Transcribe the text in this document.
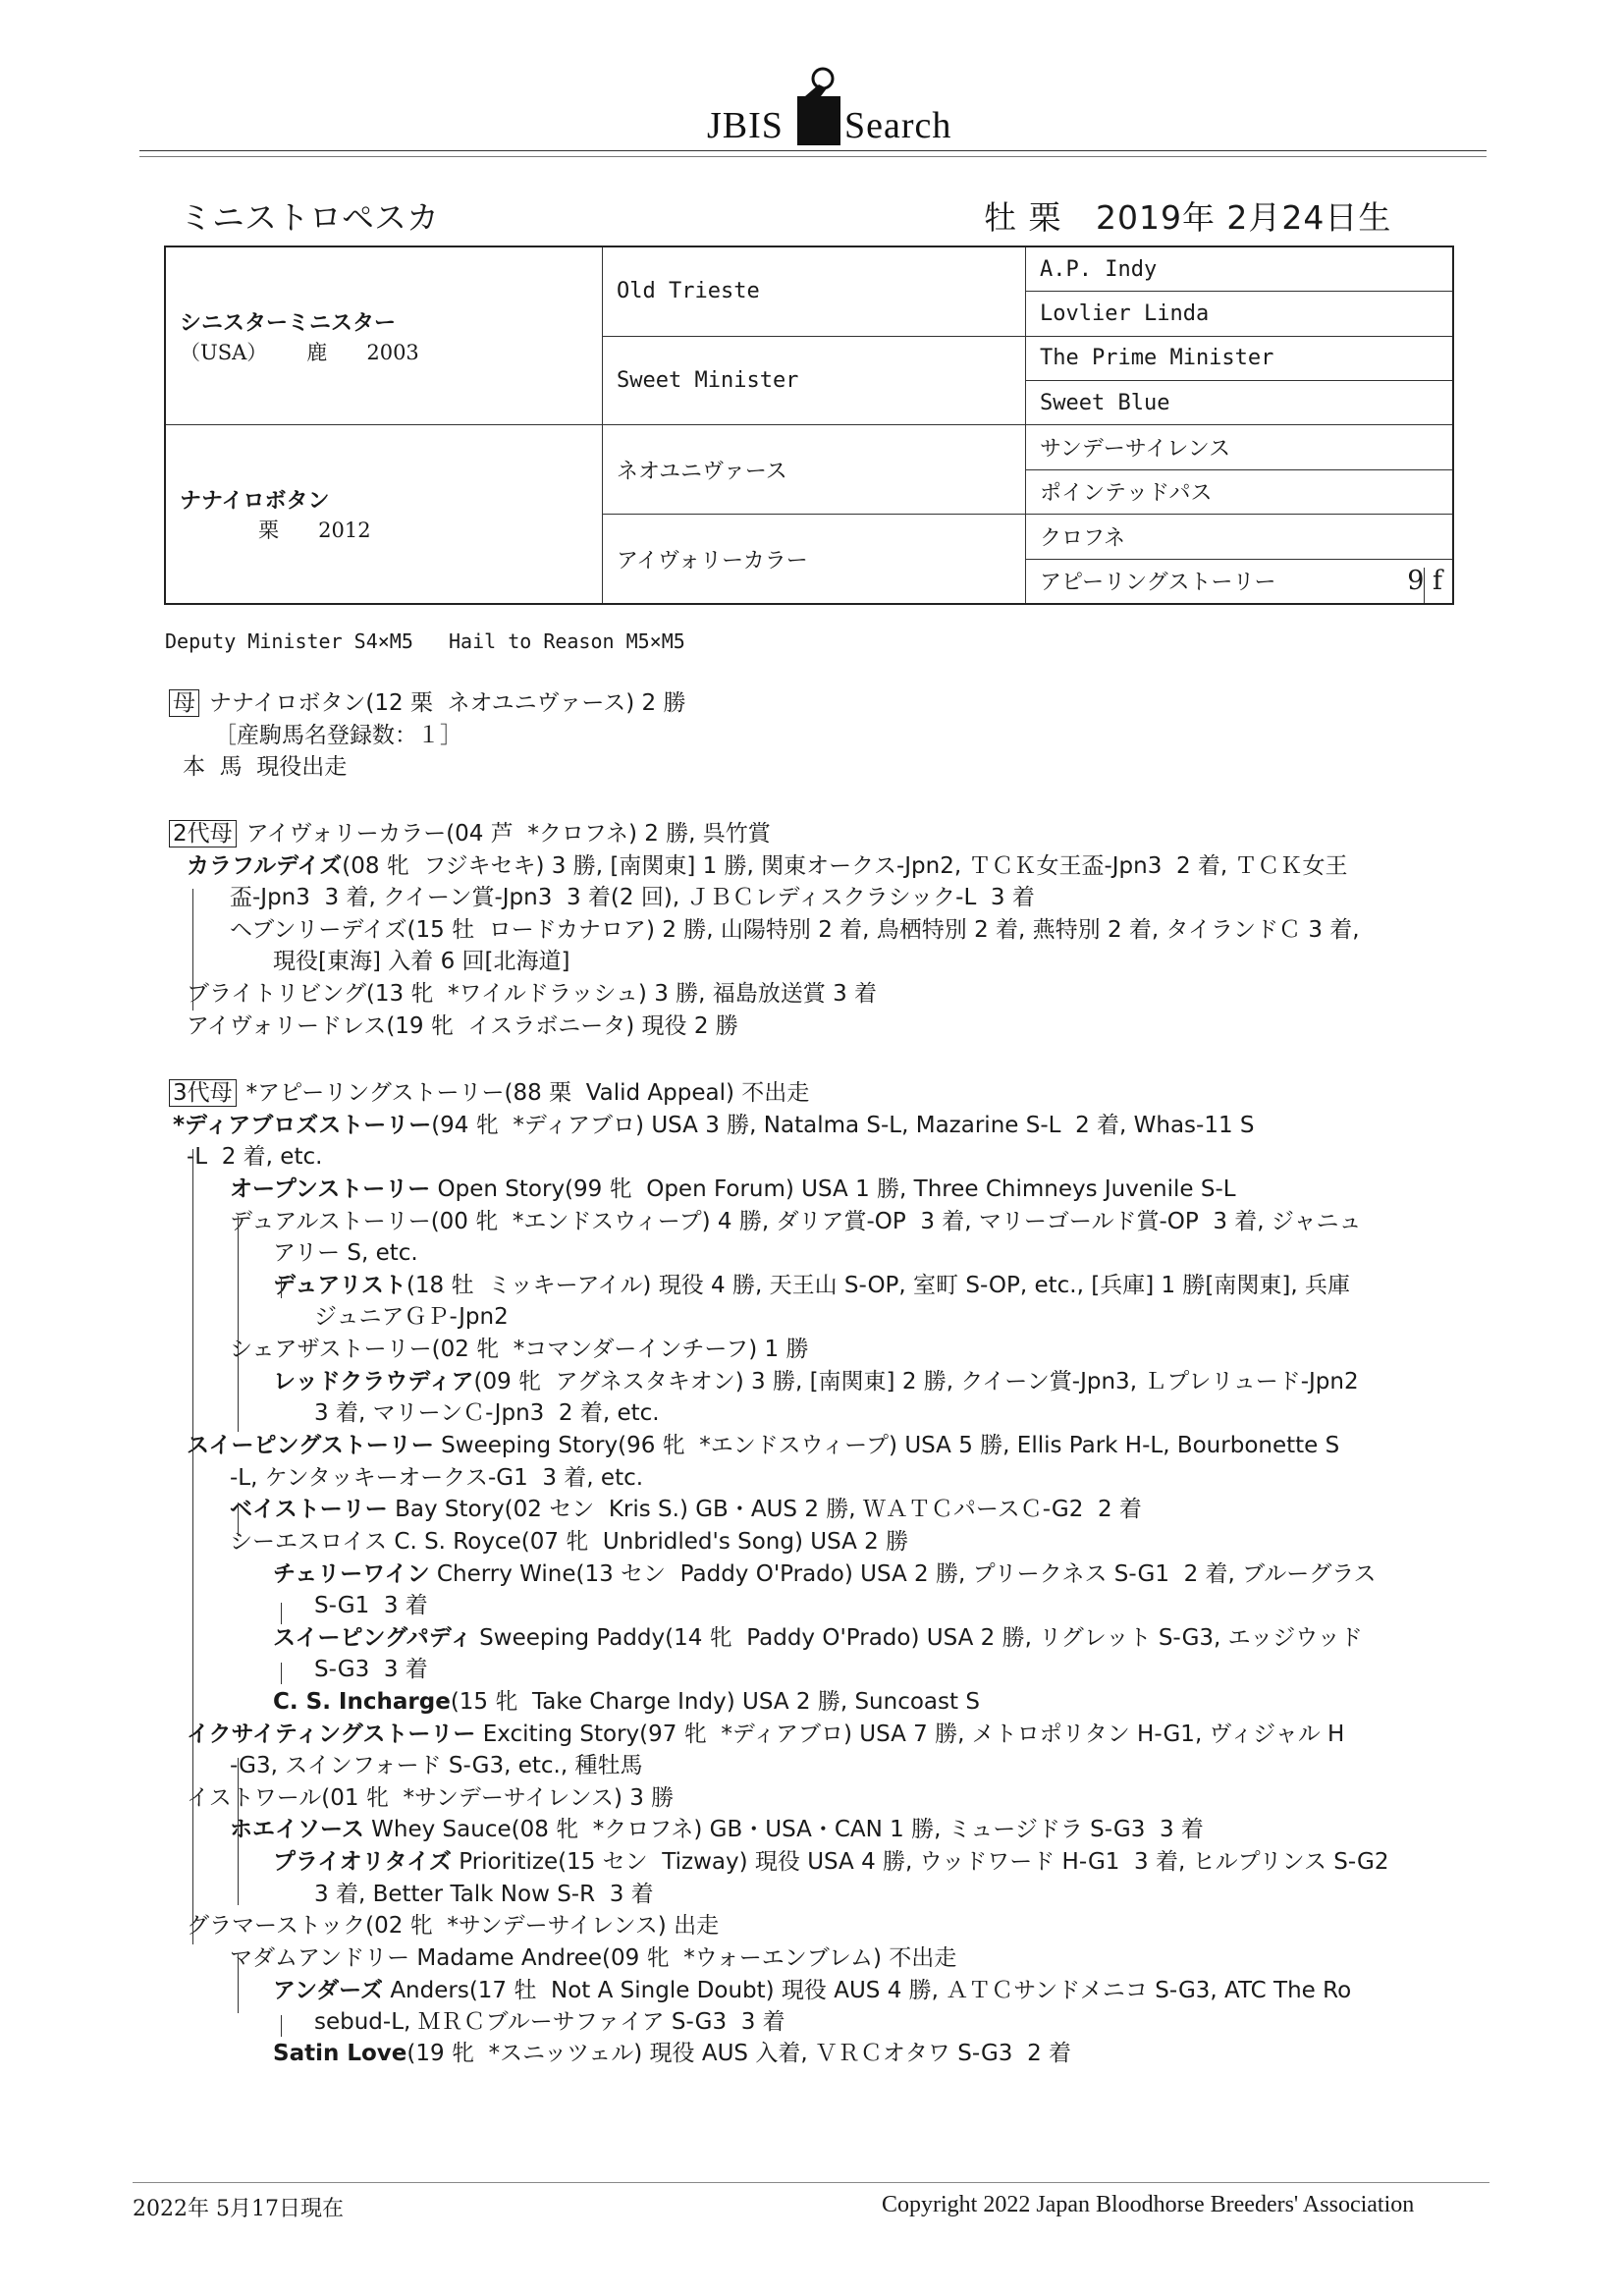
JBIS Search
ミニストロペスカ	牡 栗   2019年 2月24日生
シニスターミニスター
（USA）      鹿      2003	Old Trieste	A.P. Indy
		Lovlier Linda
	Sweet Minister	The Prime Minister
		Sweet Blue

ナナイロボタン
栗      2012	ネオユニヴァース	サンデーサイレンス
		ポインテッドパス
	アイヴォリーカラー	クロフネ
		アピーリングストーリー 9 f
Deputy Minister S4×M5   Hail to Reason M5×M5
母 ナナイロボタン(12 栗  ネオユニヴァース) 2 勝
［産駒馬名登録数：１］
本  馬  現役出走
2代母 アイヴォリーカラー(04 芦  *クロフネ) 2 勝, 呉竹賞
カラフルデイズ(08 牝  フジキセキ) 3 勝, [南関東] 1 勝, 関東オークス-Jpn2, ＴＣＫ女王盃-Jpn3  2 着, ＴＣＫ女王
盃-Jpn3  3 着, クイーン賞-Jpn3  3 着(2 回), ＪＢＣレディスクラシック-L  3 着
ヘブンリーデイズ(15 牡  ロードカナロア) 2 勝, 山陽特別 2 着, 鳥栖特別 2 着, 燕特別 2 着, タイランドＣ 3 着,
現役[東海] 入着 6 回[北海道]
ブライトリビング(13 牝  *ワイルドラッシュ) 3 勝, 福島放送賞 3 着
アイヴォリードレス(19 牝  イスラボニータ) 現役 2 勝
3代母 *アピーリングストーリー(88 栗  Valid Appeal) 不出走
*ディアブロズストーリー(94 牝  *ディアブロ) USA 3 勝, Natalma S-L, Mazarine S-L  2 着, Whas-11 S
-L  2 着, etc.
オープンストーリー Open Story(99 牝  Open Forum) USA 1 勝, Three Chimneys Juvenile S-L
デュアルストーリー(00 牝  *エンドスウィープ) 4 勝, ダリア賞-OP  3 着, マリーゴールド賞-OP  3 着, ジャニュ
アリー S, etc.
デュアリスト(18 牡  ミッキーアイル) 現役 4 勝, 天王山 S-OP, 室町 S-OP, etc., [兵庫] 1 勝[南関東], 兵庫
ジュニアＧＰ-Jpn2
シェアザストーリー(02 牝  *コマンダーインチーフ) 1 勝
レッドクラウディア(09 牝  アグネスタキオン) 3 勝, [南関東] 2 勝, クイーン賞-Jpn3, Ｌプレリュード-Jpn2
3 着, マリーンＣ-Jpn3  2 着, etc.
スイーピングストーリー Sweeping Story(96 牝  *エンドスウィープ) USA 5 勝, Ellis Park H-L, Bourbonette S
-L, ケンタッキーオークス-G1  3 着, etc.
ベイストーリー Bay Story(02 セン  Kris S.) GB・AUS 2 勝, ＷＡＴＣパースＣ-G2  2 着
シーエスロイス C. S. Royce(07 牝  Unbridled's Song) USA 2 勝
チェリーワイン Cherry Wine(13 セン  Paddy O'Prado) USA 2 勝, プリークネス S-G1  2 着, ブルーグラス
S-G1  3 着
スイーピングパディ Sweeping Paddy(14 牝  Paddy O'Prado) USA 2 勝, リグレット S-G3, エッジウッド
S-G3  3 着
C. S. Incharge(15 牝  Take Charge Indy) USA 2 勝, Suncoast S
イクサイティングストーリー Exciting Story(97 牝  *ディアブロ) USA 7 勝, メトロポリタン H-G1, ヴィジャル H
-G3, スインフォード S-G3, etc., 種牡馬
イストワール(01 牝  *サンデーサイレンス) 3 勝
ホエイソース Whey Sauce(08 牝  *クロフネ) GB・USA・CAN 1 勝, ミュージドラ S-G3  3 着
プライオリタイズ Prioritize(15 セン  Tizway) 現役 USA 4 勝, ウッドワード H-G1  3 着, ヒルプリンス S-G2
3 着, Better Talk Now S-R  3 着
グラマーストック(02 牝  *サンデーサイレンス) 出走
マダムアンドリー Madame Andree(09 牝  *ウォーエンブレム) 不出走
アンダーズ Anders(17 牡  Not A Single Doubt) 現役 AUS 4 勝, ＡＴＣサンドメニコ S-G3, ATC The Ro
sebud-L, ＭＲＣブルーサファイア S-G3  3 着
Satin Love(19 牝  *スニッツェル) 現役 AUS 入着, ＶＲＣオタワ S-G3  2 着
2022年 5月17日現在	Copyright 2022 Japan Bloodhorse Breeders' Association
